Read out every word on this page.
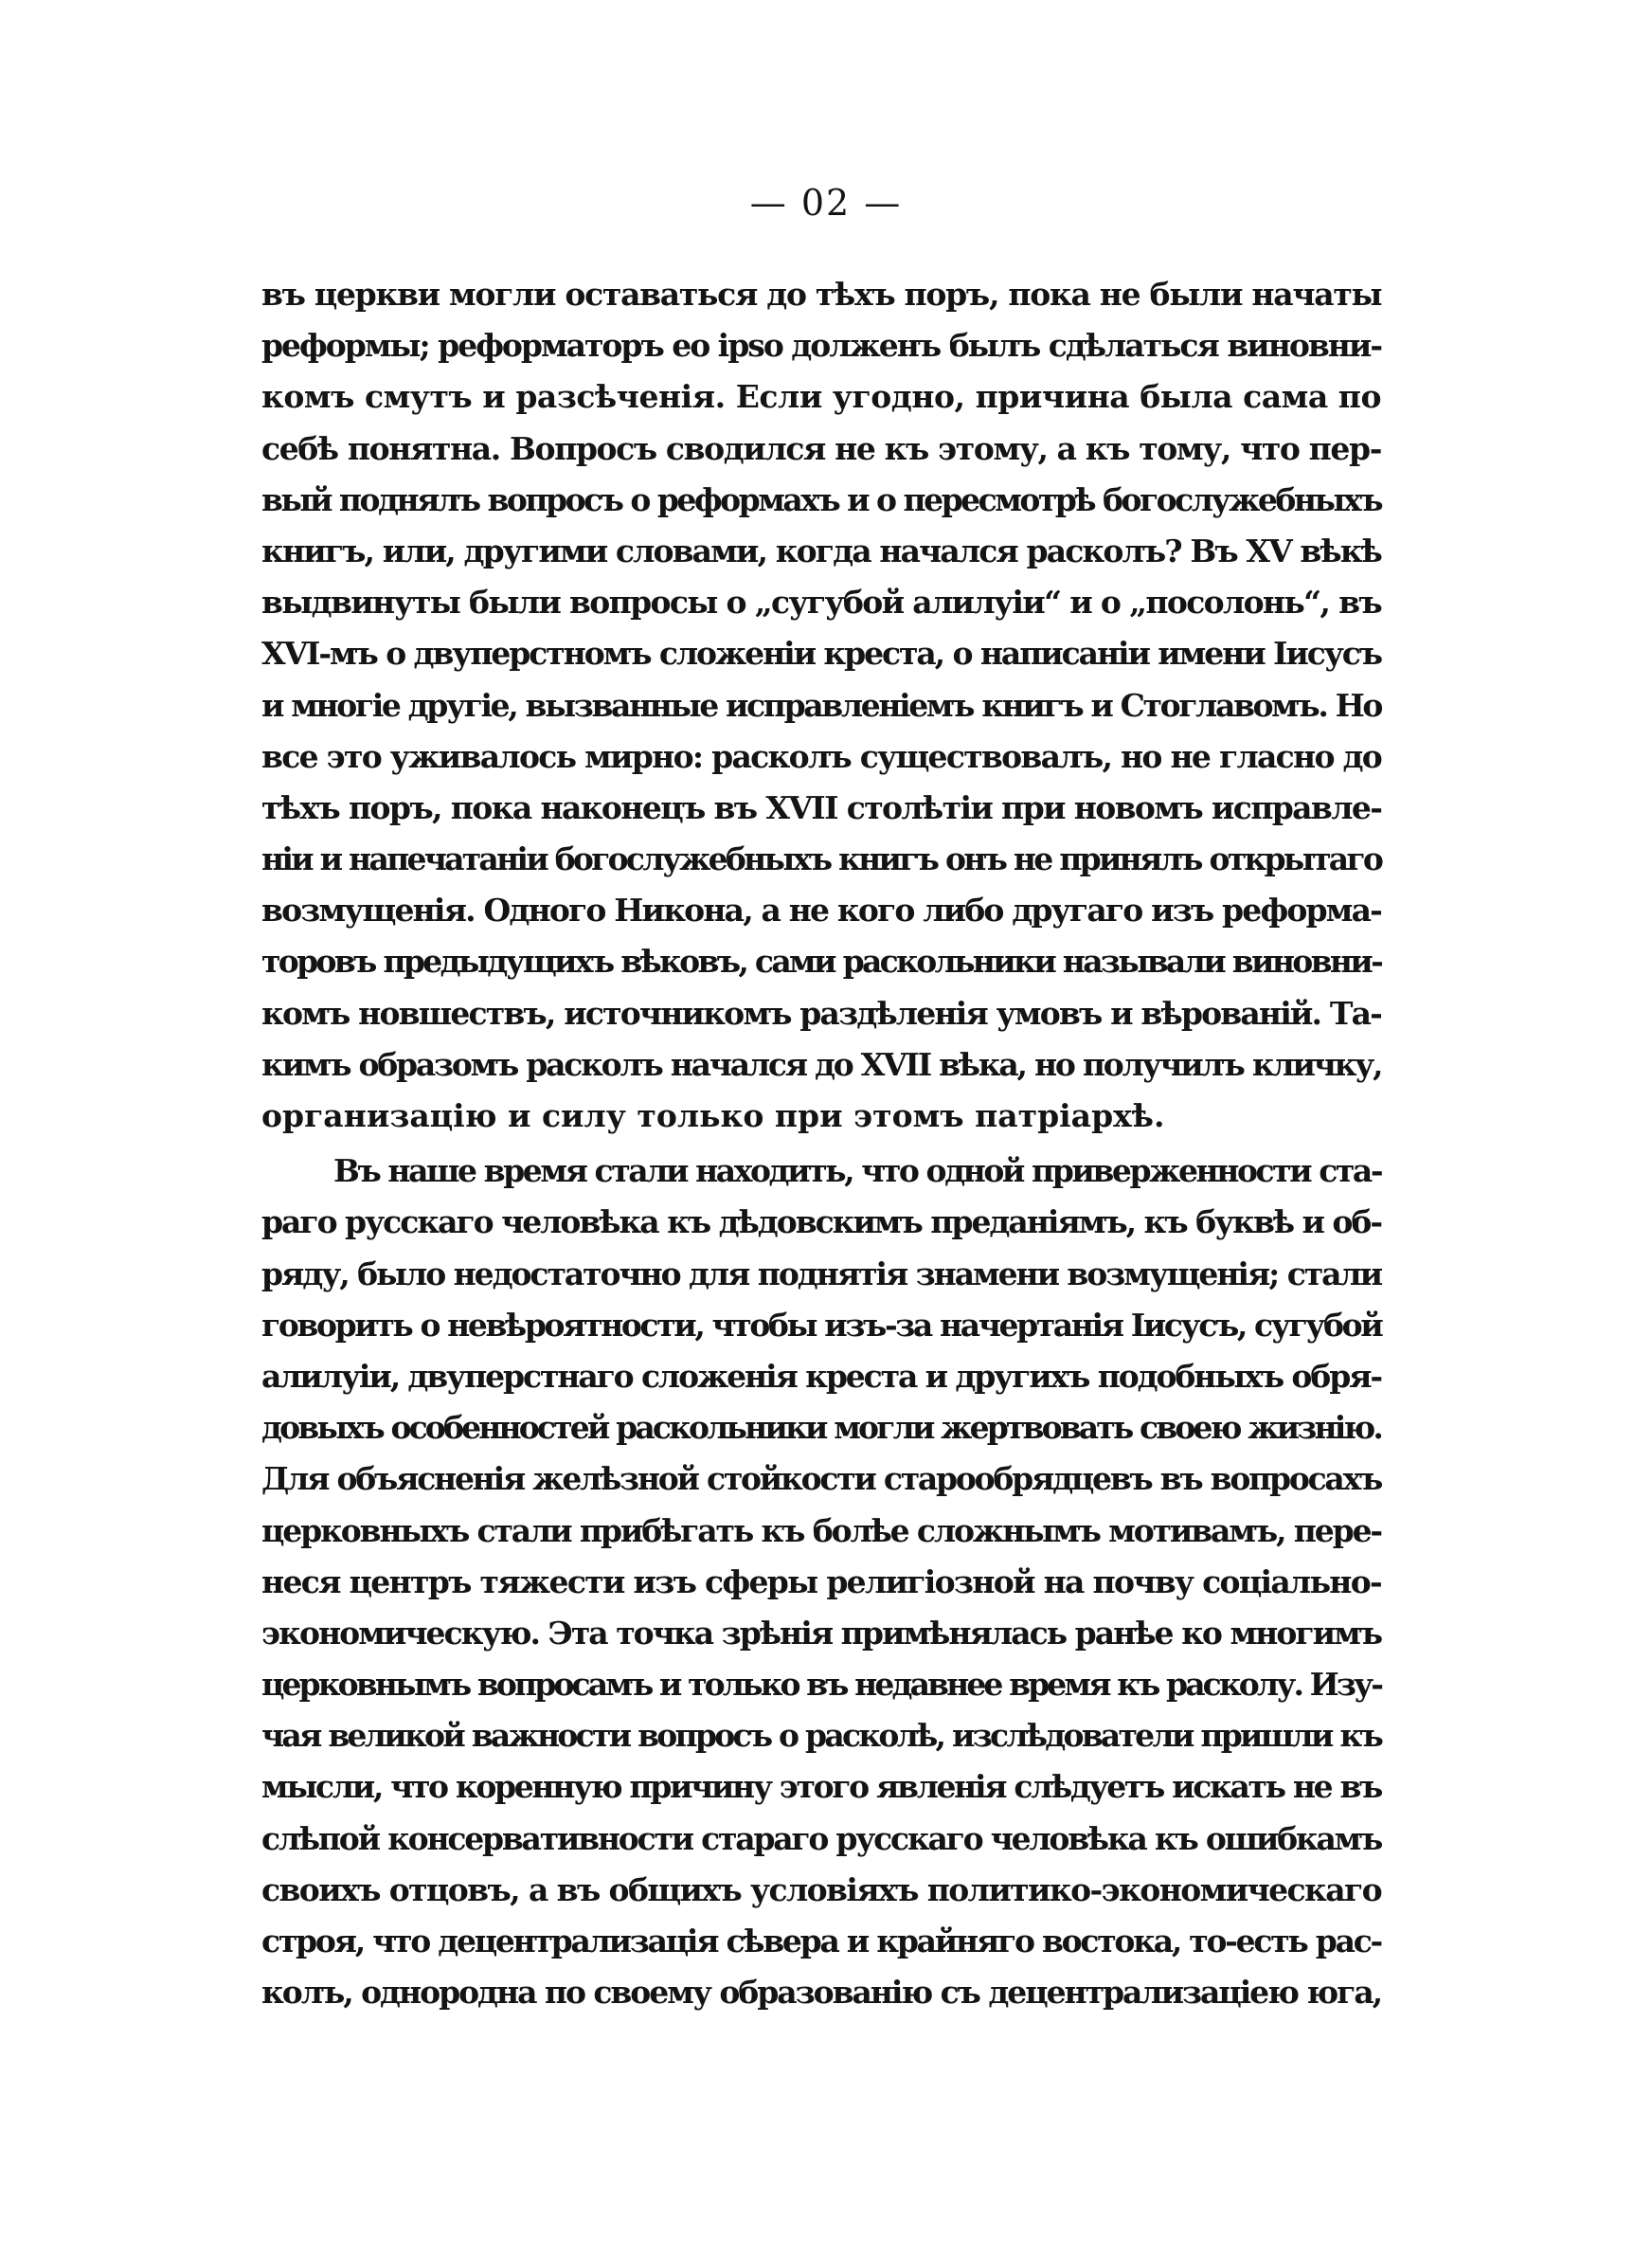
— 02 —
въ церкви могли оставаться до тѣхъ поръ, пока не были начаты
реформы; реформаторъ eo ipso долженъ былъ сдѣлаться виновни-
комъ смутъ и разсѣченія. Если угодно, причина была сама по
себѣ понятна. Вопросъ сводился не къ этому, а къ тому, что пер-
вый поднялъ вопросъ о реформахъ и о пересмотрѣ богослужебныхъ
книгъ, или, другими словами, когда начался расколъ? Въ XV вѣкѣ
выдвинуты были вопросы о „сугубой алилуіи“ и о „посолонь“, въ
XVI-мъ о двуперстномъ сложеніи креста, о написаніи имени Іисусъ
и многіе другіе, вызванные исправленіемъ книгъ и Стоглавомъ. Но
все это уживалось мирно: расколъ существовалъ, но не гласно до
тѣхъ поръ, пока наконецъ въ XVII столѣтіи при новомъ исправле-
ніи и напечатаніи богослужебныхъ книгъ онъ не принялъ открытаго
возмущенія. Одного Никона, а не кого либо другаго изъ реформа-
торовъ предыдущихъ вѣковъ, сами раскольники называли виновни-
комъ новшествъ, источникомъ раздѣленія умовъ и вѣрованій. Та-
кимъ образомъ расколъ начался до XVII вѣка, но получилъ кличку,
организацію и силу только при этомъ патріархѣ.
Въ наше время стали находить, что одной приверженности ста-
раго русскаго человѣка къ дѣдовскимъ преданіямъ, къ буквѣ и об-
ряду, было недостаточно для поднятія знамени возмущенія; стали
говорить о невѣроятности, чтобы изъ-за начертанія Іисусъ, сугубой
алилуіи, двуперстнаго сложенія креста и другихъ подобныхъ обря-
довыхъ особенностей раскольники могли жертвовать своею жизнію.
Для объясненія желѣзной стойкости старообрядцевъ въ вопросахъ
церковныхъ стали прибѣгать къ болѣе сложнымъ мотивамъ, пере-
неся центръ тяжести изъ сферы религіозной на почву соціально-
экономическую. Эта точка зрѣнія примѣнялась ранѣе ко многимъ
церковнымъ вопросамъ и только въ недавнее время къ расколу. Изу-
чая великой важности вопросъ о расколѣ, изслѣдователи пришли къ
мысли, что коренную причину этого явленія слѣдуетъ искать не въ
слѣпой консервативности стараго русскаго человѣка къ ошибкамъ
своихъ отцовъ, а въ общихъ условіяхъ политико-экономическаго
строя, что децентрализація сѣвера и крайняго востока, то-есть рас-
колъ, однородна по своему образованію съ децентрализаціею юга,
